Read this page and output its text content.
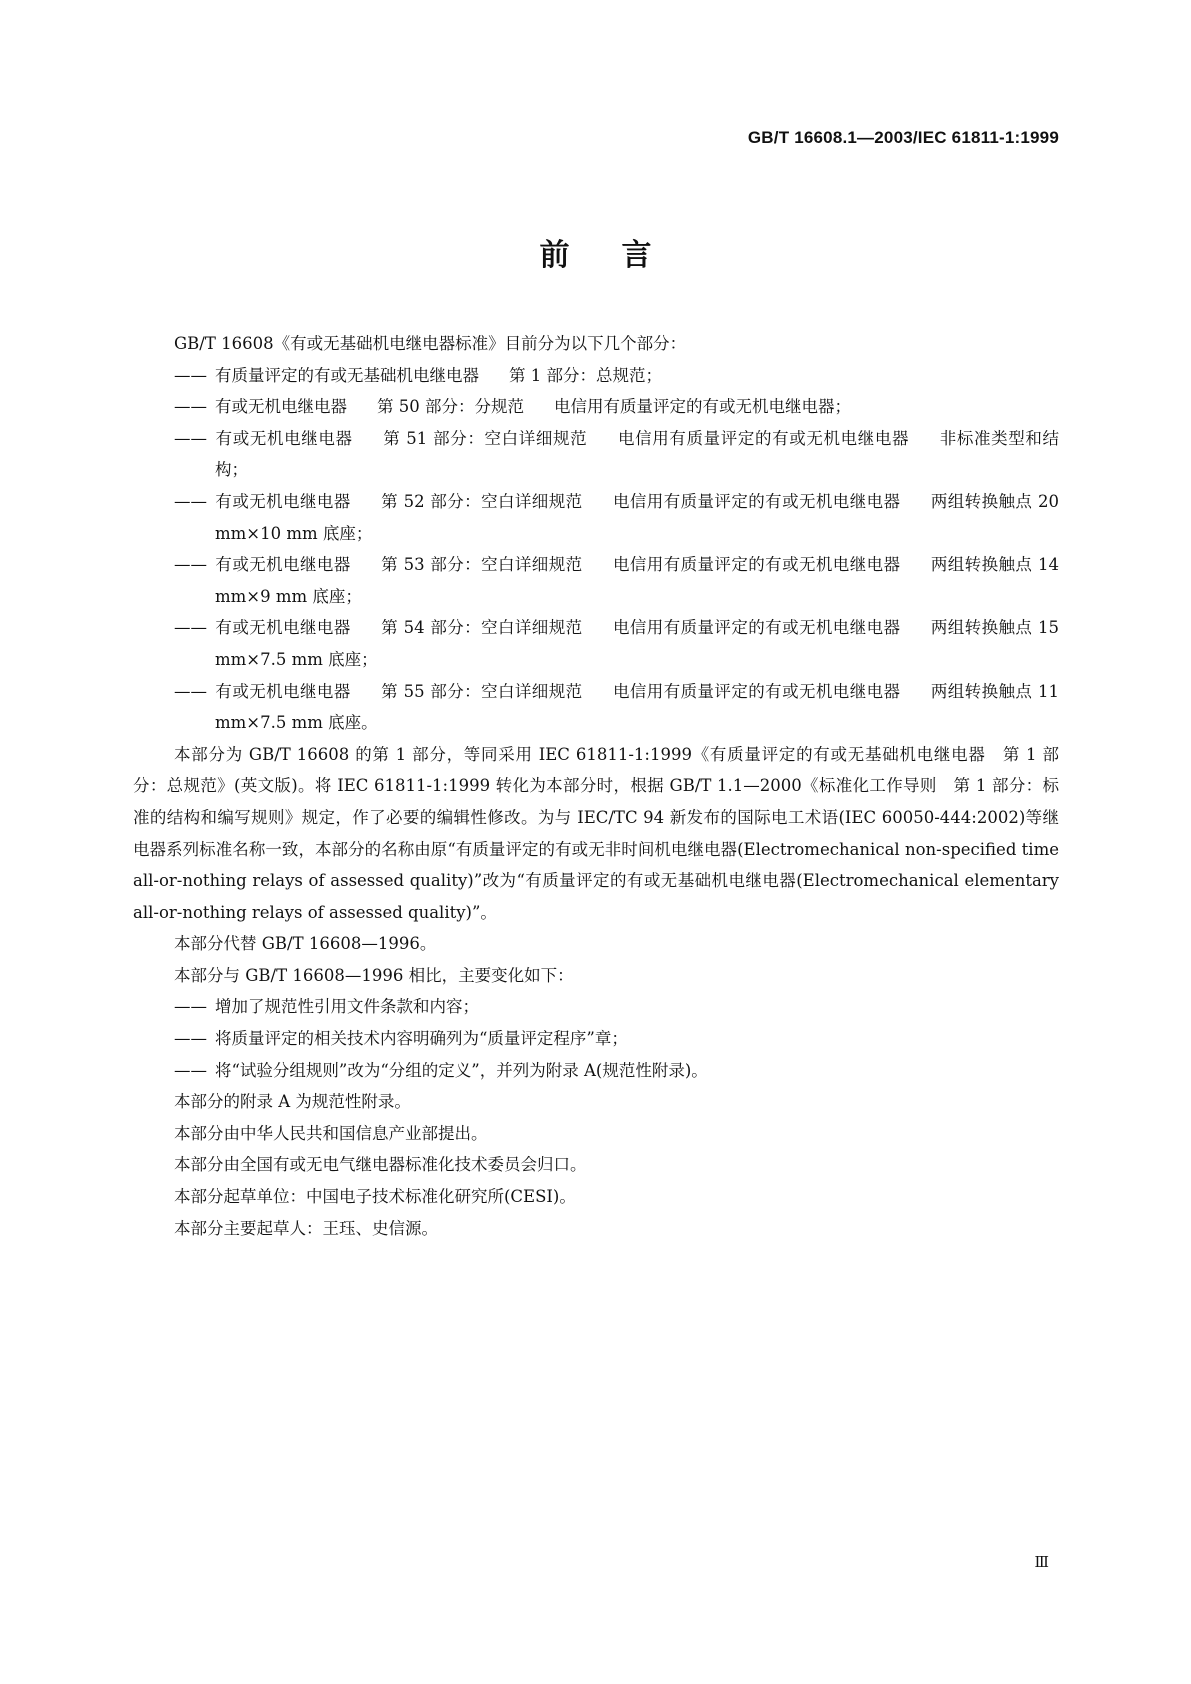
GB/T 16608.1—2003/IEC 61811-1:1999
前言

GB/T 16608《有或无基础机电继电器标准》目前分为以下几个部分：

—— 有质量评定的有或无基础机电继电器 第 1 部分：总规范；

—— 有或无机电继电器 第 50 部分：分规范 电信用有质量评定的有或无机电继电器；

—— 有或无机电继电器 第 51 部分：空白详细规范 电信用有质量评定的有或无机电继电器 非标准类型和结构；

—— 有或无机电继电器 第 52 部分：空白详细规范 电信用有质量评定的有或无机电继电器 两组转换触点 20 mm×10 mm 底座；

—— 有或无机电继电器 第 53 部分：空白详细规范 电信用有质量评定的有或无机电继电器 两组转换触点 14 mm×9 mm 底座；

—— 有或无机电继电器 第 54 部分：空白详细规范 电信用有质量评定的有或无机电继电器 两组转换触点 15 mm×7.5 mm 底座；

—— 有或无机电继电器 第 55 部分：空白详细规范 电信用有质量评定的有或无机电继电器 两组转换触点 11 mm×7.5 mm 底座。

本部分为 GB/T 16608 的第 1 部分，等同采用 IEC 61811-1:1999《有质量评定的有或无基础机电继电器　第 1 部分：总规范》(英文版)。将 IEC 61811-1:1999 转化为本部分时，根据 GB/T 1.1—2000《标准化工作导则　第 1 部分：标准的结构和编写规则》规定，作了必要的编辑性修改。为与 IEC/TC 94 新发布的国际电工术语(IEC 60050-444:2002)等继电器系列标准名称一致，本部分的名称由原“有质量评定的有或无非时间机电继电器(Electromechanical non-specified time all-or-nothing relays of assessed quality)”改为“有质量评定的有或无基础机电继电器(Electromechanical elementary all-or-nothing relays of assessed quality)”。

本部分代替 GB/T 16608—1996。

本部分与 GB/T 16608—1996 相比，主要变化如下：

—— 增加了规范性引用文件条款和内容；

—— 将质量评定的相关技术内容明确列为“质量评定程序”章；

—— 将“试验分组规则”改为“分组的定义”，并列为附录 A(规范性附录)。

本部分的附录 A 为规范性附录。

本部分由中华人民共和国信息产业部提出。

本部分由全国有或无电气继电器标准化技术委员会归口。

本部分起草单位：中国电子技术标准化研究所(CESI)。

本部分主要起草人：王珏、史信源。

Ⅲ
